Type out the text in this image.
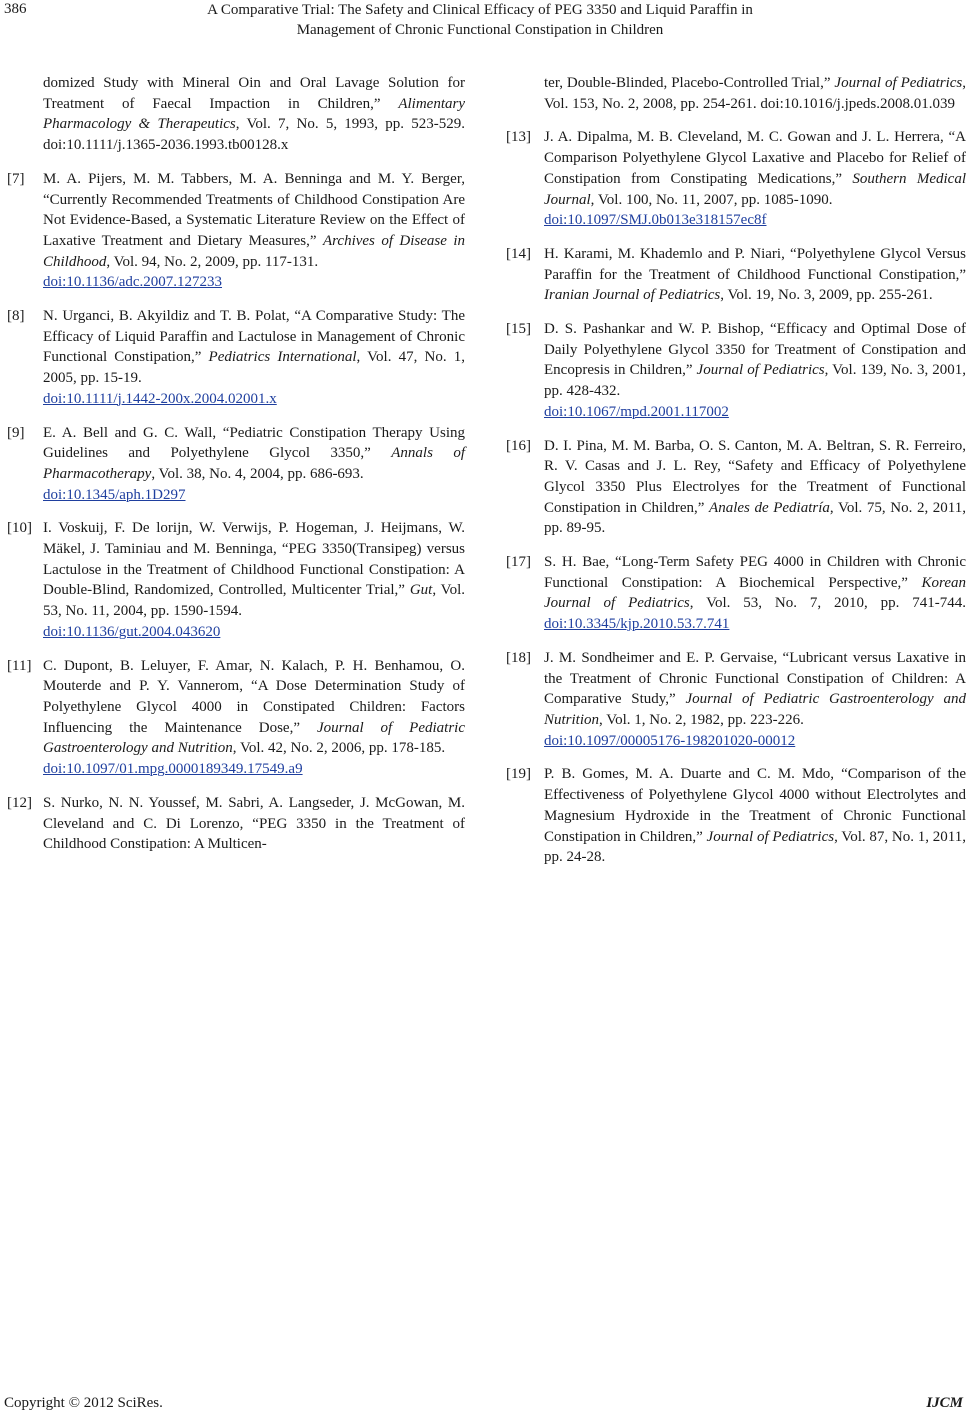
386	A Comparative Trial: The Safety and Clinical Efficacy of PEG 3350 and Liquid Paraffin in
Management of Chronic Functional Constipation in Children
domized Study with Mineral Oin and Oral Lavage Solution for Treatment of Faecal Impaction in Children,” Alimentary Pharmacology & Therapeutics, Vol. 7, No. 5, 1993, pp. 523-529. doi:10.1111/j.1365-2036.1993.tb00128.x
[7] M. A. Pijers, M. M. Tabbers, M. A. Benninga and M. Y. Berger, “Currently Recommended Treatments of Childhood Constipation Are Not Evidence-Based, a Systematic Literature Review on the Effect of Laxative Treatment and Dietary Measures,” Archives of Disease in Childhood, Vol. 94, No. 2, 2009, pp. 117-131.
doi:10.1136/adc.2007.127233
[8] N. Urganci, B. Akyildiz and T. B. Polat, “A Comparative Study: The Efficacy of Liquid Paraffin and Lactulose in Management of Chronic Functional Constipation,” Pediatrics International, Vol. 47, No. 1, 2005, pp. 15-19.
doi:10.1111/j.1442-200x.2004.02001.x
[9] E. A. Bell and G. C. Wall, “Pediatric Constipation Therapy Using Guidelines and Polyethylene Glycol 3350,” Annals of Pharmacotherapy, Vol. 38, No. 4, 2004, pp. 686-693.
doi:10.1345/aph.1D297
[10] I. Voskuij, F. De lorijn, W. Verwijs, P. Hogeman, J. Heijmans, W. Mäkel, J. Taminiau and M. Benninga, “PEG 3350(Transipeg) versus Lactulose in the Treatment of Childhood Functional Constipation: A Double-Blind, Randomized, Controlled, Multicenter Trial,” Gut, Vol. 53, No. 11, 2004, pp. 1590-1594.
doi:10.1136/gut.2004.043620
[11] C. Dupont, B. Leluyer, F. Amar, N. Kalach, P. H. Benhamou, O. Mouterde and P. Y. Vannerom, “A Dose Determination Study of Polyethylene Glycol 4000 in Constipated Children: Factors Influencing the Maintenance Dose,” Journal of Pediatric Gastroenterology and Nutrition, Vol. 42, No. 2, 2006, pp. 178-185.
doi:10.1097/01.mpg.0000189349.17549.a9
[12] S. Nurko, N. N. Youssef, M. Sabri, A. Langseder, J. McGowan, M. Cleveland and C. Di Lorenzo, “PEG 3350 in the Treatment of Childhood Constipation: A Multicen-
ter, Double-Blinded, Placebo-Controlled Trial,” Journal of Pediatrics, Vol. 153, No. 2, 2008, pp. 254-261. doi:10.1016/j.jpeds.2008.01.039
[13] J. A. Dipalma, M. B. Cleveland, M. C. Gowan and J. L. Herrera, “A Comparison Polyethylene Glycol Laxative and Placebo for Relief of Constipation from Constipating Medications,” Southern Medical Journal, Vol. 100, No. 11, 2007, pp. 1085-1090.
doi:10.1097/SMJ.0b013e318157ec8f
[14] H. Karami, M. Khademlo and P. Niari, “Polyethylene Glycol Versus Paraffin for the Treatment of Childhood Functional Constipation,” Iranian Journal of Pediatrics, Vol. 19, No. 3, 2009, pp. 255-261.
[15] D. S. Pashankar and W. P. Bishop, “Efficacy and Optimal Dose of Daily Polyethylene Glycol 3350 for Treatment of Constipation and Encopresis in Children,” Journal of Pediatrics, Vol. 139, No. 3, 2001, pp. 428-432.
doi:10.1067/mpd.2001.117002
[16] D. I. Pina, M. M. Barba, O. S. Canton, M. A. Beltran, S. R. Ferreiro, R. V. Casas and J. L. Rey, “Safety and Efficacy of Polyethylene Glycol 3350 Plus Electrolyes for the Treatment of Functional Constipation in Children,” Anales de Pediatría, Vol. 75, No. 2, 2011, pp. 89-95.
[17] S. H. Bae, “Long-Term Safety PEG 4000 in Children with Chronic Functional Constipation: A Biochemical Perspective,” Korean Journal of Pediatrics, Vol. 53, No. 7, 2010, pp. 741-744. doi:10.3345/kjp.2010.53.7.741
[18] J. M. Sondheimer and E. P. Gervaise, “Lubricant versus Laxative in the Treatment of Chronic Functional Constipation of Children: A Comparative Study,” Journal of Pediatric Gastroenterology and Nutrition, Vol. 1, No. 2, 1982, pp. 223-226.
doi:10.1097/00005176-198201020-00012
[19] P. B. Gomes, M. A. Duarte and C. M. Mdo, “Comparison of the Effectiveness of Polyethylene Glycol 4000 without Electrolytes and Magnesium Hydroxide in the Treatment of Chronic Functional Constipation in Children,” Journal of Pediatrics, Vol. 87, No. 1, 2011, pp. 24-28.
Copyright © 2012 SciRes.	IJCM
